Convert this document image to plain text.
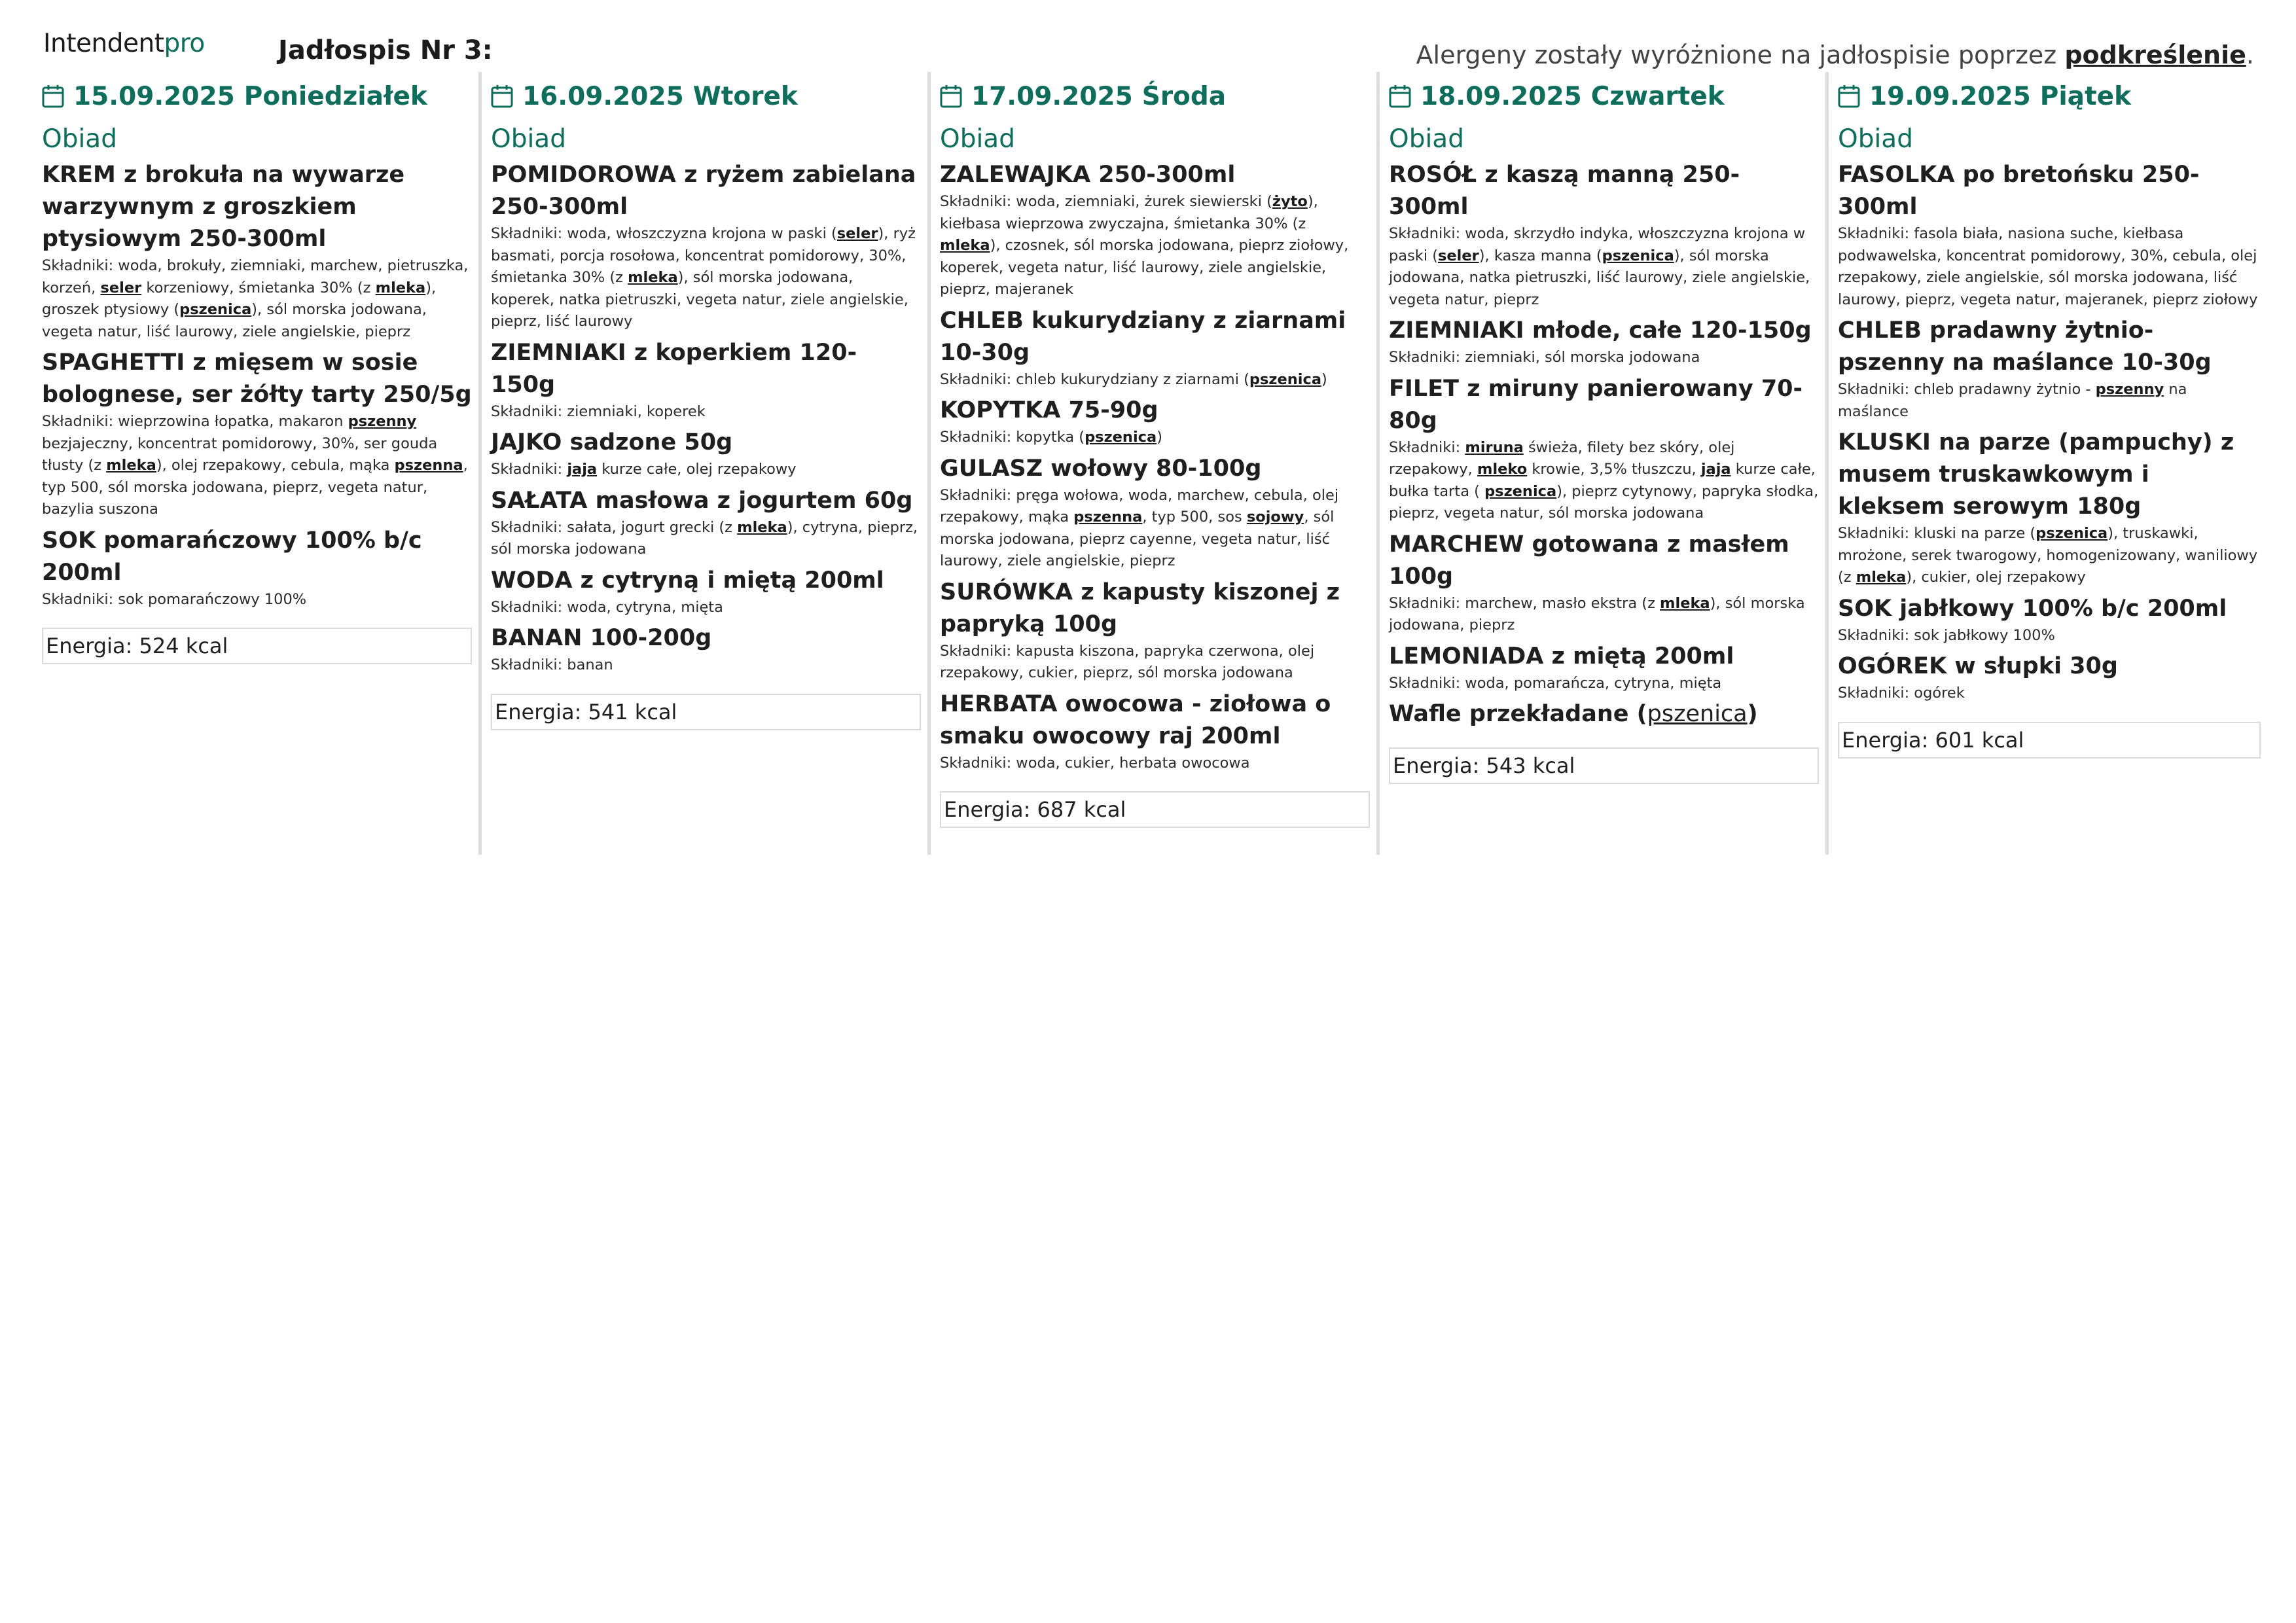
Intendentpro	Jadłospis Nr 3:	Alergeny zostały wyróżnione na jadłospisie poprzez podkreślenie.
15.09.2025 Poniedziałek
Obiad
KREM z brokuła na wywarze warzywnym z groszkiem ptysiowym 250-300ml
Składniki: woda, brokuły, ziemniaki, marchew, pietruszka, korzeń, seler korzeniowy, śmietanka 30% (z mleka), groszek ptysiowy (pszenica), sól morska jodowana, vegeta natur, liść laurowy, ziele angielskie, pieprz
SPAGHETTI z mięsem w sosie bolognese, ser żółty tarty 250/5g
Składniki: wieprzowina łopatka, makaron pszenny bezjajeczny, koncentrat pomidorowy, 30%, ser gouda tłusty (z mleka), olej rzepakowy, cebula, mąka pszenna, typ 500, sól morska jodowana, pieprz, vegeta natur, bazylia suszona
SOK pomarańczowy 100% b/c 200ml
Składniki: sok pomarańczowy 100%
Energia: 524 kcal
16.09.2025 Wtorek
Obiad
POMIDOROWA z ryżem zabielana 250-300ml
Składniki: woda, włoszczyzna krojona w paski (seler), ryż basmati, porcja rosołowa, koncentrat pomidorowy, 30%, śmietanka 30% (z mleka), sól morska jodowana, koperek, natka pietruszki, vegeta natur, ziele angielskie, pieprz, liść laurowy
ZIEMNIAKI z koperkiem 120-150g
Składniki: ziemniaki, koperek
JAJKO sadzone 50g
Składniki: jaja kurze całe, olej rzepakowy
SAŁATA masłowa z jogurtem 60g
Składniki: sałata, jogurt grecki (z mleka), cytryna, pieprz, sól morska jodowana
WODA z cytryną i miętą 200ml
Składniki: woda, cytryna, mięta
BANAN 100-200g
Składniki: banan
Energia: 541 kcal
17.09.2025 Środa
Obiad
ZALEWAJKA 250-300ml
Składniki: woda, ziemniaki, żurek siewierski (żyto), kiełbasa wieprzowa zwyczajna, śmietanka 30% (z mleka), czosnek, sól morska jodowana, pieprz ziołowy, koperek, vegeta natur, liść laurowy, ziele angielskie, pieprz, majeranek
CHLEB kukurydziany z ziarnami 10-30g
Składniki: chleb kukurydziany z ziarnami (pszenica)
KOPYTKA 75-90g
Składniki: kopytka (pszenica)
GULASZ wołowy 80-100g
Składniki: pręga wołowa, woda, marchew, cebula, olej rzepakowy, mąka pszenna, typ 500, sos sojowy, sól morska jodowana, pieprz cayenne, vegeta natur, liść laurowy, ziele angielskie, pieprz
SURÓWKA z kapusty kiszonej z papryką 100g
Składniki: kapusta kiszona, papryka czerwona, olej rzepakowy, cukier, pieprz, sól morska jodowana
HERBATA owocowa - ziołowa o smaku owocowy raj 200ml
Składniki: woda, cukier, herbata owocowa
Energia: 687 kcal
18.09.2025 Czwartek
Obiad
ROSÓŁ z kaszą manną 250-300ml
Składniki: woda, skrzydło indyka, włoszczyzna krojona w paski (seler), kasza manna (pszenica), sól morska jodowana, natka pietruszki, liść laurowy, ziele angielskie, vegeta natur, pieprz
ZIEMNIAKI młode, całe 120-150g
Składniki: ziemniaki, sól morska jodowana
FILET z miruny panierowany 70-80g
Składniki: miruna świeża, filety bez skóry, olej rzepakowy, mleko krowie, 3,5% tłuszczu, jaja kurze całe, bułka tarta ( pszenica), pieprz cytynowy, papryka słodka, pieprz, vegeta natur, sól morska jodowana
MARCHEW gotowana z masłem 100g
Składniki: marchew, masło ekstra (z mleka), sól morska jodowana, pieprz
LEMONIADA z miętą 200ml
Składniki: woda, pomarańcza, cytryna, mięta
Wafle przekładane (pszenica)
Energia: 543 kcal
19.09.2025 Piątek
Obiad
FASOLKA po bretońsku 250-300ml
Składniki: fasola biała, nasiona suche, kiełbasa podwawelska, koncentrat pomidorowy, 30%, cebula, olej rzepakowy, ziele angielskie, sól morska jodowana, liść laurowy, pieprz, vegeta natur, majeranek, pieprz ziołowy
CHLEB pradawny żytnio- pszenny na maślance 10-30g
Składniki: chleb pradawny żytnio - pszenny na maślance
KLUSKI na parze (pampuchy) z musem truskawkowym i kleksem serowym 180g
Składniki: kluski na parze (pszenica), truskawki, mrożone, serek twarogowy, homogenizowany, waniliowy (z mleka), cukier, olej rzepakowy
SOK jabłkowy 100% b/c 200ml
Składniki: sok jabłkowy 100%
OGÓREK w słupki 30g
Składniki: ogórek
Energia: 601 kcal
